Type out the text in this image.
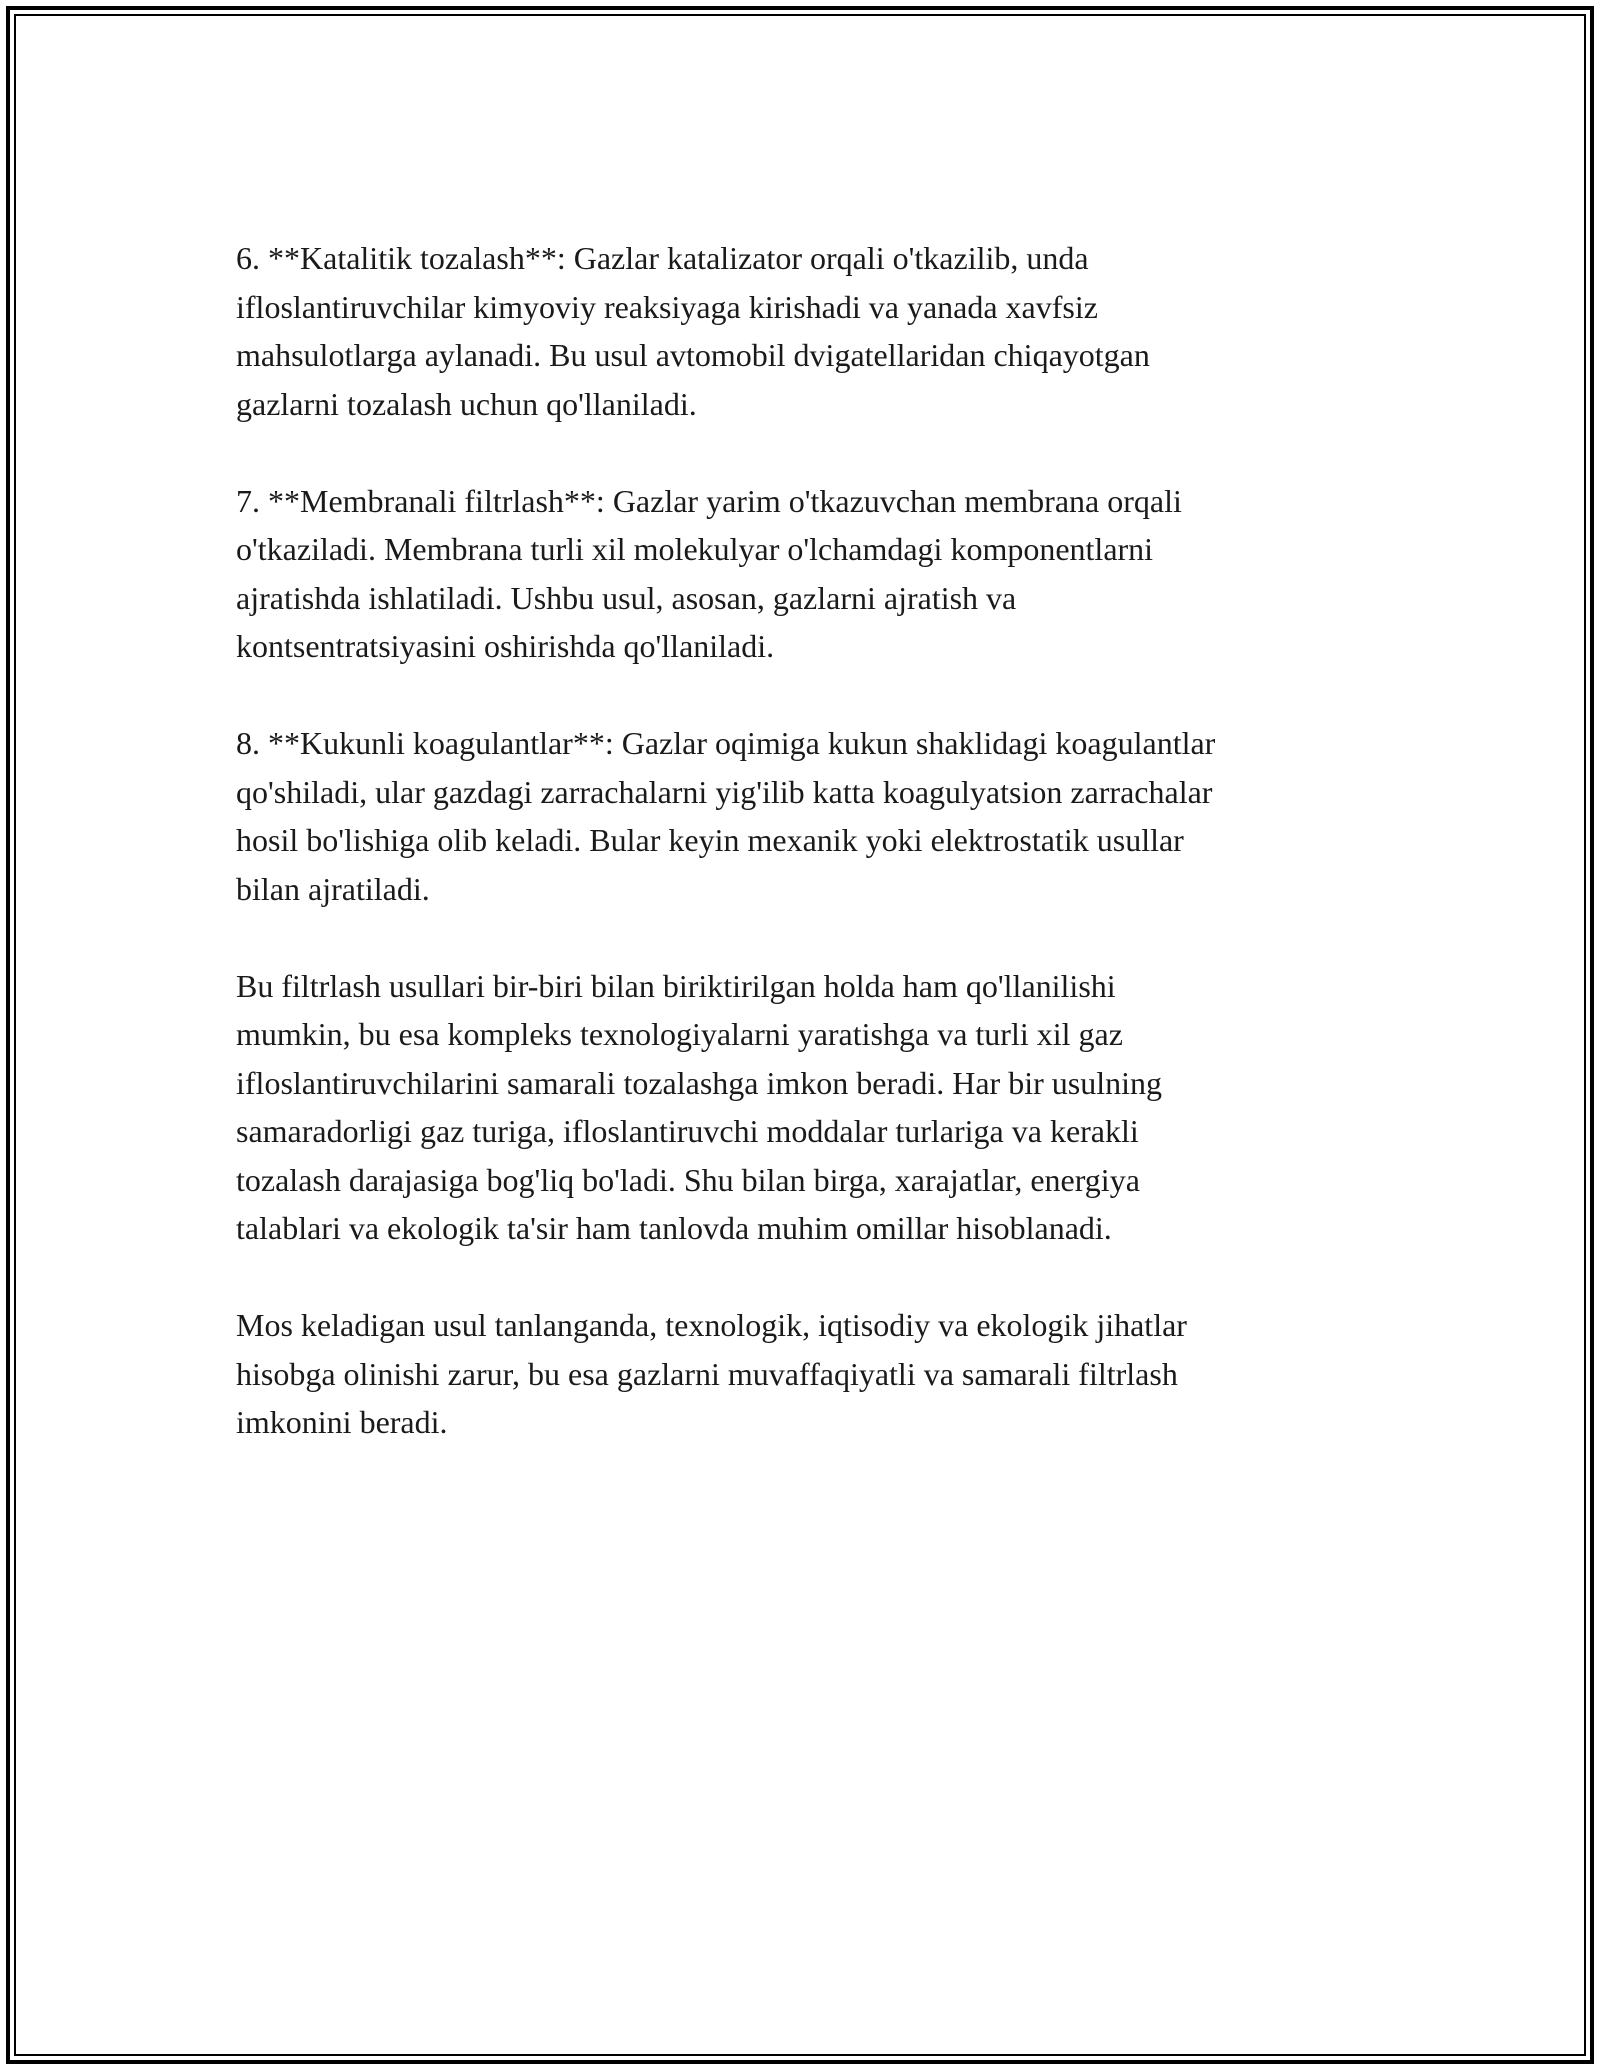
6. **Katalitik tozalash**: Gazlar katalizator orqali o'tkazilib, unda
ifloslantiruvchilar kimyoviy reaksiyaga kirishadi va yanada xavfsiz
mahsulotlarga aylanadi. Bu usul avtomobil dvigatellaridan chiqayotgan
gazlarni tozalash uchun qo'llaniladi.

7. **Membranali filtrlash**: Gazlar yarim o'tkazuvchan membrana orqali
o'tkaziladi. Membrana turli xil molekulyar o'lchamdagi komponentlarni
ajratishda ishlatiladi. Ushbu usul, asosan, gazlarni ajratish va
kontsentratsiyasini oshirishda qo'llaniladi.

8. **Kukunli koagulantlar**: Gazlar oqimiga kukun shaklidagi koagulantlar
qo'shiladi, ular gazdagi zarrachalarni yig'ilib katta koagulyatsion zarrachalar
hosil bo'lishiga olib keladi. Bular keyin mexanik yoki elektrostatik usullar
bilan ajratiladi.

Bu filtrlash usullari bir-biri bilan biriktirilgan holda ham qo'llanilishi
mumkin, bu esa kompleks texnologiyalarni yaratishga va turli xil gaz
ifloslantiruvchilarini samarali tozalashga imkon beradi. Har bir usulning
samaradorligi gaz turiga, ifloslantiruvchi moddalar turlariga va kerakli
tozalash darajasiga bog'liq bo'ladi. Shu bilan birga, xarajatlar, energiya
talablari va ekologik ta'sir ham tanlovda muhim omillar hisoblanadi.

Mos keladigan usul tanlanganda, texnologik, iqtisodiy va ekologik jihatlar
hisobga olinishi zarur, bu esa gazlarni muvaffaqiyatli va samarali filtrlash
imkonini beradi.
